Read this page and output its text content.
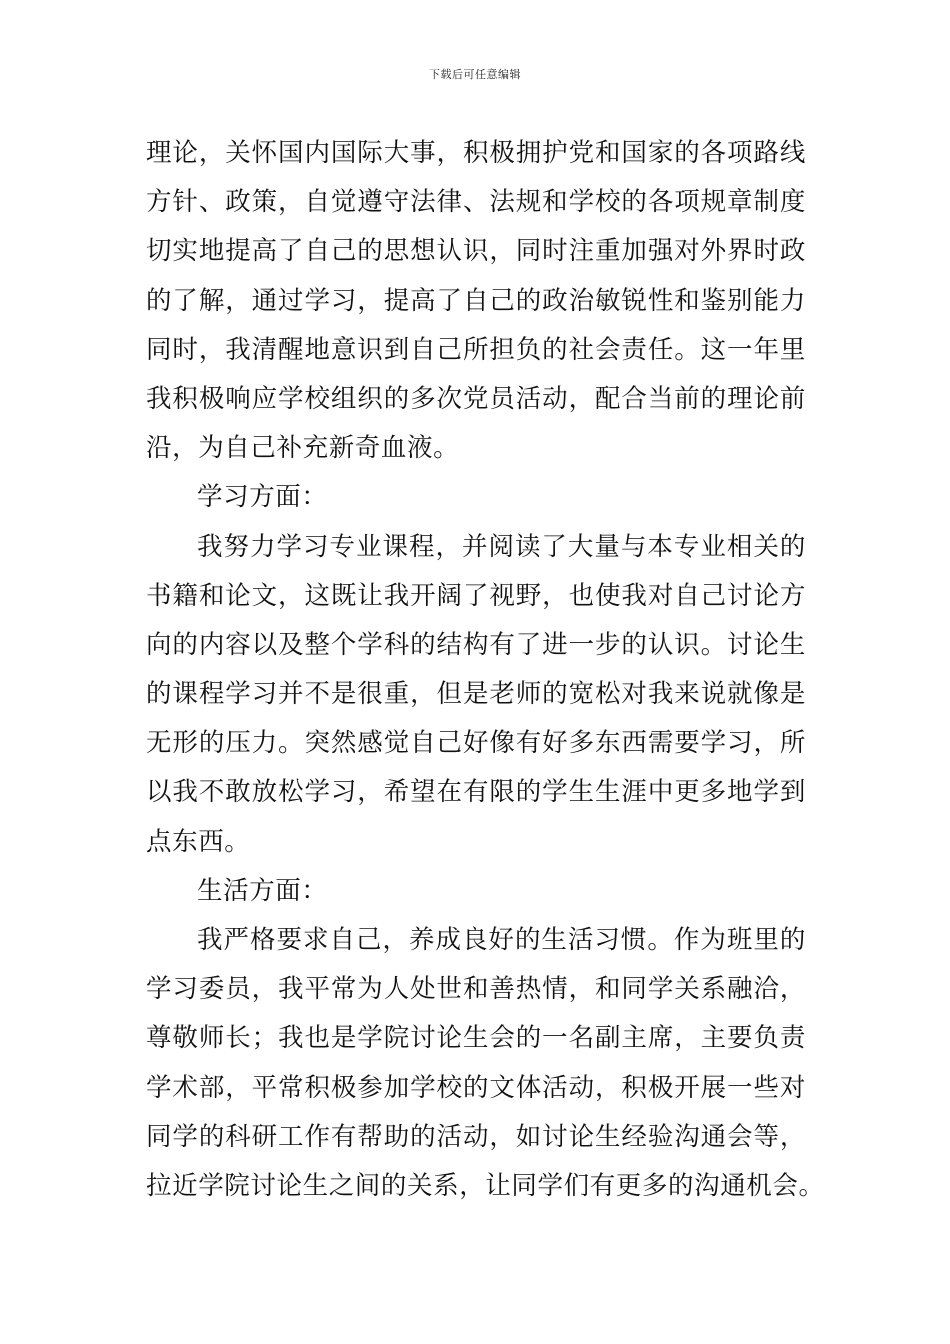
下载后可任意编辑
理论，关怀国内国际大事，积极拥护党和国家的各项路线
方针、政策，自觉遵守法律、法规和学校的各项规章制度
切实地提高了自己的思想认识，同时注重加强对外界时政
的了解，通过学习，提高了自己的政治敏锐性和鉴别能力
同时，我清醒地意识到自己所担负的社会责任。这一年里
我积极响应学校组织的多次党员活动，配合当前的理论前
沿，为自己补充新奇血液。
学习方面：
我努力学习专业课程，并阅读了大量与本专业相关的
书籍和论文，这既让我开阔了视野，也使我对自己讨论方
向的内容以及整个学科的结构有了进一步的认识。讨论生
的课程学习并不是很重，但是老师的宽松对我来说就像是
无形的压力。突然感觉自己好像有好多东西需要学习，所
以我不敢放松学习，希望在有限的学生生涯中更多地学到
点东西。
生活方面：
我严格要求自己，养成良好的生活习惯。作为班里的
学习委员，我平常为人处世和善热情，和同学关系融洽，
尊敬师长；我也是学院讨论生会的一名副主席，主要负责
学术部，平常积极参加学校的文体活动，积极开展一些对
同学的科研工作有帮助的活动，如讨论生经验沟通会等，
拉近学院讨论生之间的关系，让同学们有更多的沟通机会。
